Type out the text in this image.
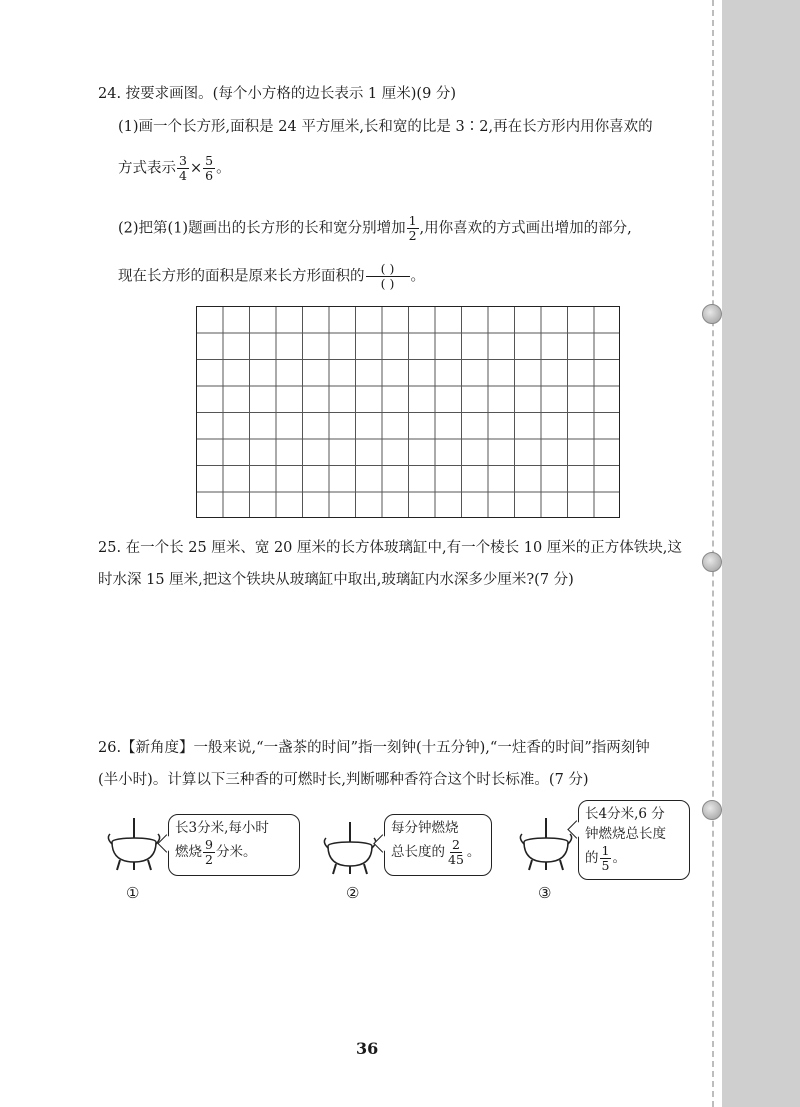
24. 按要求画图。(每个小方格的边长表示 1 厘米)(9 分)
(1)画一个长方形,面积是 24 平方厘米,长和宽的比是 3∶2,再在长方形内用你喜欢的
方式表示 $\frac{3}{4} \times \frac{5}{6}$ 。
(2)把第(1)题画出的长方形的长和宽分别增加 $\frac{1}{2}$ ,用你喜欢的方式画出增加的部分,
现在长方形的面积是原来长方形面积的 $\frac{( )}{( )}$ 。
25. 在一个长 25 厘米、宽 20 厘米的长方体玻璃缸中,有一个棱长 10 厘米的正方体铁块,这
时水深 15 厘米,把这个铁块从玻璃缸中取出,玻璃缸内水深多少厘米?(7 分)
26.【新角度】一般来说,“一盏茶的时间”指一刻钟(十五分钟),“一炷香的时间”指两刻钟
(半小时)。计算以下三种香的可燃时长,判断哪种香符合这个时长标准。(7 分)
长3分米,每小时
燃烧 $\frac{9}{2}$ 分米。
①
每分钟燃烧
总长度的 $\frac{2}{45}$ 。
②
长4分米,6 分
钟燃烧总长度
的 $\frac{1}{5}$ 。
③
36
